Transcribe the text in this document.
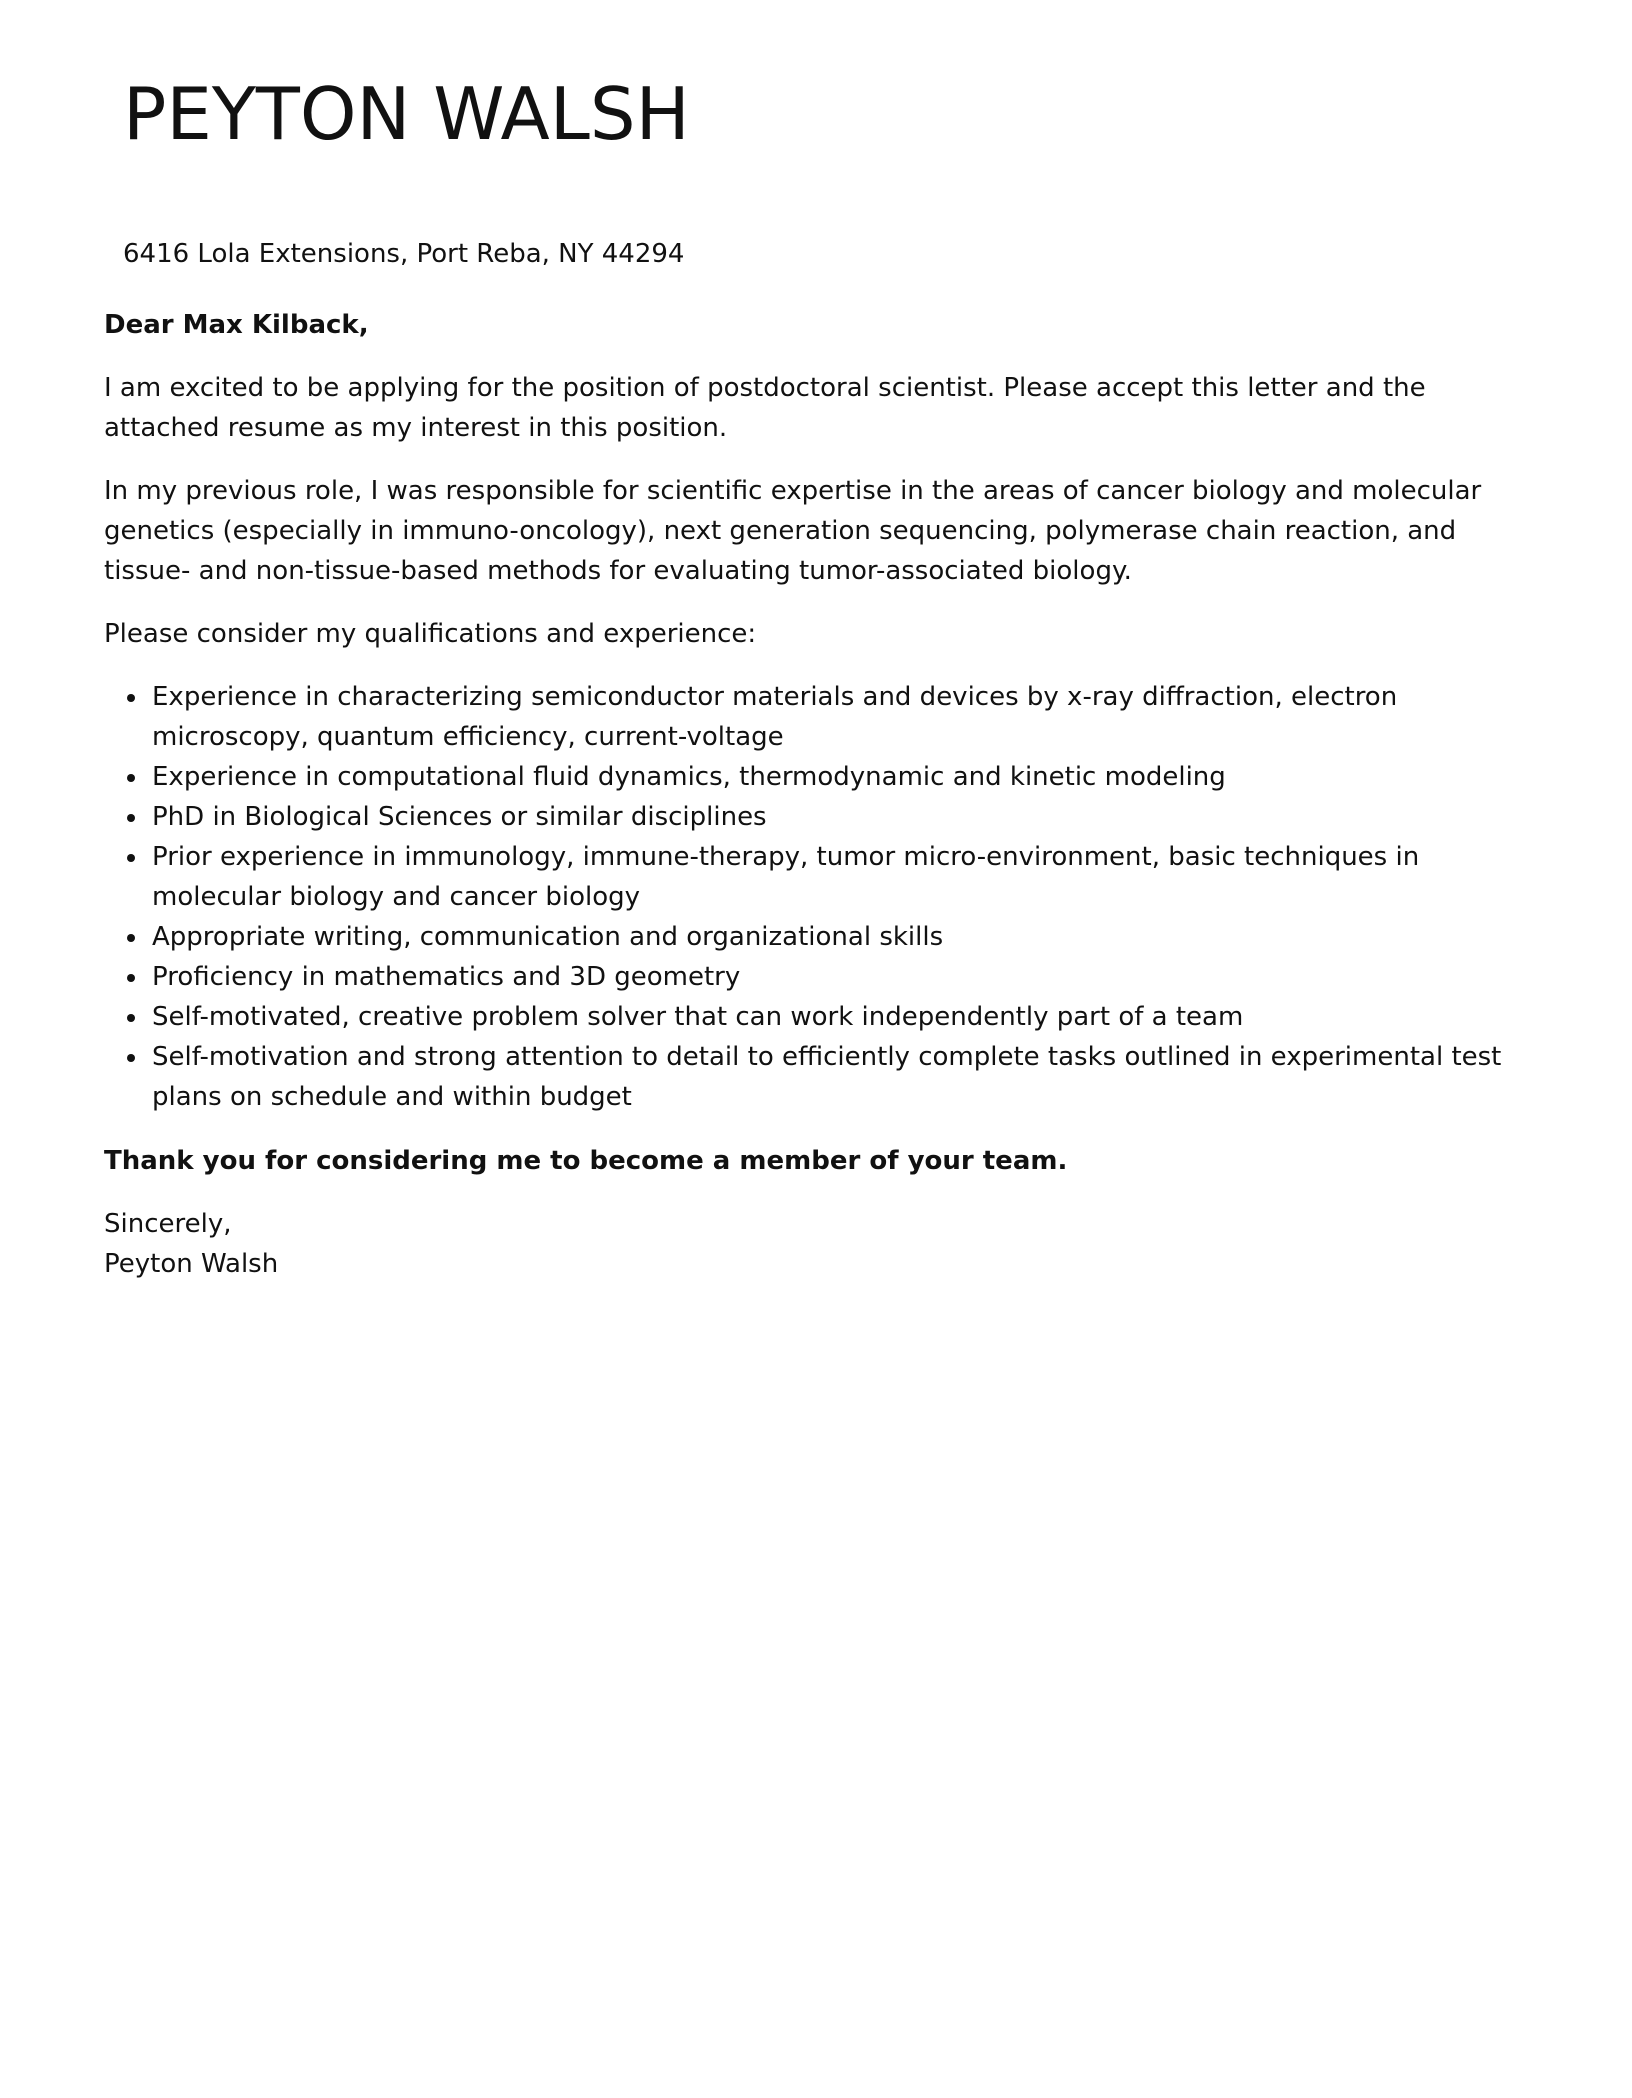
PEYTON WALSH
6416 Lola Extensions, Port Reba, NY 44294

Dear Max Kilback,

I am excited to be applying for the position of postdoctoral scientist. Please accept this letter and the attached resume as my interest in this position.

In my previous role, I was responsible for scientific expertise in the areas of cancer biology and molecular genetics (especially in immuno-oncology), next generation sequencing, polymerase chain reaction, and tissue- and non-tissue-based methods for evaluating tumor-associated biology.

Please consider my qualifications and experience:

Experience in characterizing semiconductor materials and devices by x-ray diffraction, electron microscopy, quantum efficiency, current-voltage
Experience in computational fluid dynamics, thermodynamic and kinetic modeling
PhD in Biological Sciences or similar disciplines
Prior experience in immunology, immune-therapy, tumor micro-environment, basic techniques in molecular biology and cancer biology
Appropriate writing, communication and organizational skills
Proficiency in mathematics and 3D geometry
Self-motivated, creative problem solver that can work independently part of a team
Self-motivation and strong attention to detail to efficiently complete tasks outlined in experimental test plans on schedule and within budget

Thank you for considering me to become a member of your team.

Sincerely,
Peyton Walsh
